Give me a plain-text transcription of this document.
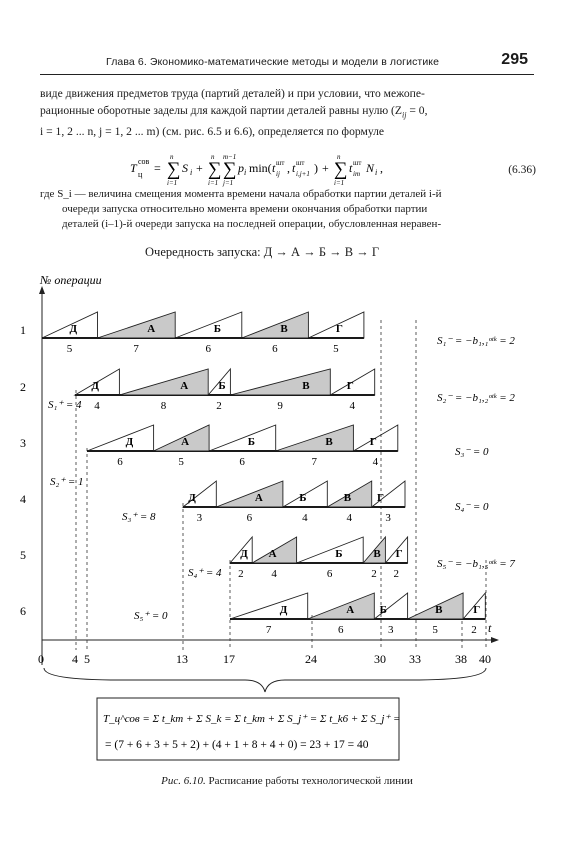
Глава 6. Экономико-математические методы и модели в логистике	295
виде движения предметов труда (партий деталей) и при условии, что межопе-
рационные оборотные заделы для каждой партии деталей равны нулю ($Z_{ij} = 0$,
i = 1, 2 ... n, j = 1, 2 ... m) (см. рис. 6.5 и 6.6), определяется по формуле
T ц
сов = ∑
n
i=1
S i + ∑ ∑
n m−1
i=1 j=1
p i min( t шт
ij , t шт
i,j+1 ) + ∑
n
i=1
t шт
im N i ,	(6.36)
где S_i — величина смещения момента времени начала обработки партии деталей i-й
очереди запуска относительно момента времени окончания обработки партии
деталей (i–1)-й очереди запуска на последней операции, обусловленная неравен-
Очередность запуска: Д → А → Б → В → Г
№ операции
t
1
2
3
4
5
6
0 4 5	13	17	24	30 33	38 40
Д
5
А
7
Б
6
В
6
Г
5
Д
4
А
8
Б
2
В
9
Г
4
Д
6
А
5
Б
6
В
7
Г
4
Д
3
А
6
Б
4
В
4
Г
3
Д
2
А
4
Б
6
В
2
Г
2
Д
7
А
6
Б
3
В
5
Г
2
S₁⁺ = 4
S₂⁺ = 1
S₃⁺ = 8
S₄⁺ = 4
S₅⁺ = 0
S₁⁻ = −b₁,₁ᵒᵗᵏ = 2
S₂⁻ = −b₁,₂ᵒᵗᵏ = 2
S₃⁻ = 0
S₄⁻ = 0
S₅⁻ = −b₁,₅ᵒᵗᵏ = 7
T_ц^сов = Σ t_km + Σ S_k = Σ t_km + Σ S_j⁺ = Σ t_k6 + Σ S_j⁺ =
= (7 + 6 + 3 + 5 + 2) + (4 + 1 + 8 + 4 + 0) = 23 + 17 = 40
Рис. 6.10. Расписание работы технологической линии
